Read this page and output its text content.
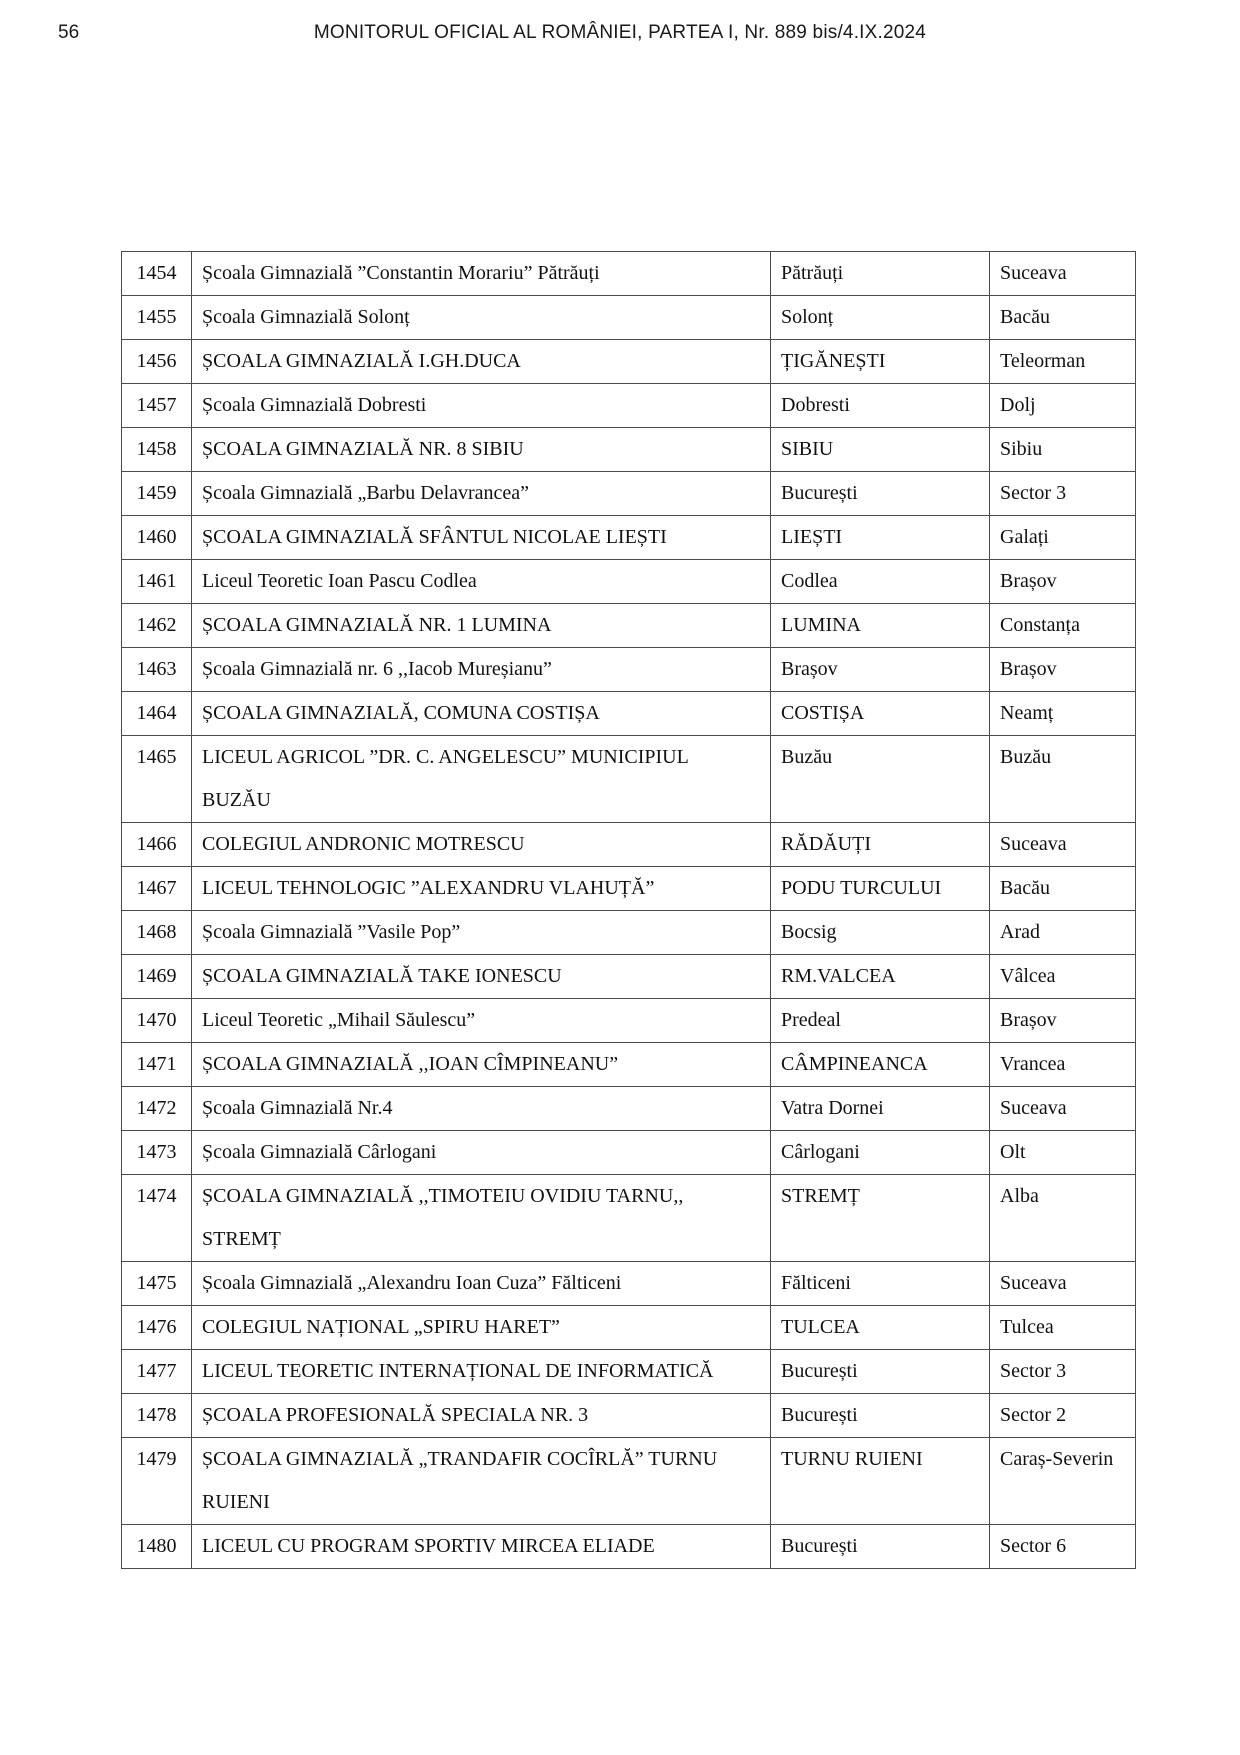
56	MONITORUL OFICIAL AL ROMÂNIEI, PARTEA I, Nr. 889 bis/4.IX.2024
1454	Școala Gimnazială ”Constantin Morariu” Pătrăuți	Pătrăuți	Suceava
1455	Școala Gimnazială Solonț	Solonț	Bacău
1456	ȘCOALA GIMNAZIALĂ I.GH.DUCA	ȚIGĂNEȘTI	Teleorman
1457	Școala Gimnazială Dobresti	Dobresti	Dolj
1458	ȘCOALA GIMNAZIALĂ NR. 8 SIBIU	SIBIU	Sibiu
1459	Școala Gimnazială „Barbu Delavrancea”	București	Sector 3
1460	ȘCOALA GIMNAZIALĂ SFÂNTUL NICOLAE LIEȘTI	LIEȘTI	Galați
1461	Liceul Teoretic Ioan Pascu Codlea	Codlea	Brașov
1462	ȘCOALA GIMNAZIALĂ NR. 1 LUMINA	LUMINA	Constanța
1463	Școala Gimnazială nr. 6 ,,Iacob Mureșianu”	Brașov	Brașov
1464	ȘCOALA GIMNAZIALĂ, COMUNA COSTIȘA	COSTIȘA	Neamț
1465	LICEUL AGRICOL ”DR. C. ANGELESCU” MUNICIPIUL BUZĂU	Buzău	Buzău
1466	COLEGIUL ANDRONIC MOTRESCU	RĂDĂUȚI	Suceava
1467	LICEUL TEHNOLOGIC ”ALEXANDRU VLAHUȚĂ”	PODU TURCULUI	Bacău
1468	Școala Gimnazială ”Vasile Pop”	Bocsig	Arad
1469	ȘCOALA GIMNAZIALĂ TAKE IONESCU	RM.VALCEA	Vâlcea
1470	Liceul Teoretic „Mihail Săulescu”	Predeal	Brașov
1471	ȘCOALA GIMNAZIALĂ ,,IOAN CÎMPINEANU”	CÂMPINEANCA	Vrancea
1472	Școala Gimnazială Nr.4	Vatra Dornei	Suceava
1473	Școala Gimnazială Cârlogani	Cârlogani	Olt
1474	ȘCOALA GIMNAZIALĂ ,,TIMOTEIU OVIDIU TARNU,, STREMȚ	STREMȚ	Alba
1475	Școala Gimnazială „Alexandru Ioan Cuza” Fălticeni	Fălticeni	Suceava
1476	COLEGIUL NAȚIONAL „SPIRU HARET”	TULCEA	Tulcea
1477	LICEUL TEORETIC INTERNAȚIONAL DE INFORMATICĂ	București	Sector 3
1478	ȘCOALA PROFESIONALĂ SPECIALA NR. 3	București	Sector 2
1479	ȘCOALA GIMNAZIALĂ „TRANDAFIR COCÎRLĂ” TURNU RUIENI	TURNU RUIENI	Caraș-Severin
1480	LICEUL CU PROGRAM SPORTIV MIRCEA ELIADE	București	Sector 6
